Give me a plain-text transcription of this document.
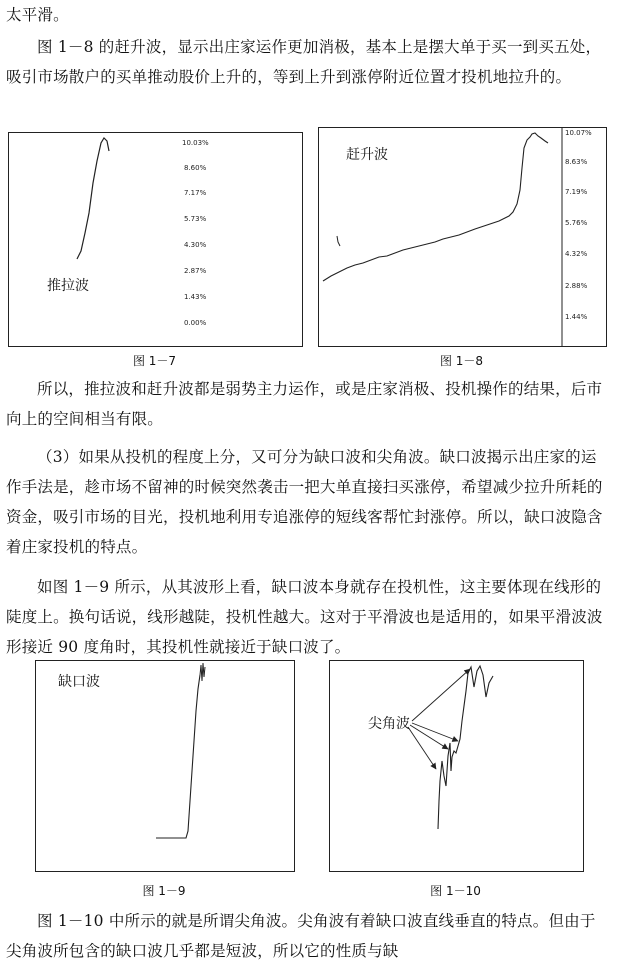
太平滑。

图 1－8 的赶升波，显示出庄家运作更加消极，基本上是摆大单于买一到买五处，吸引市场散户的买单推动股价上升的，等到上升到涨停附近位置才投机地拉升的。

推拉波
10.03%
8.60%
7.17%
5.73%
4.30%
2.87%
1.43%
0.00%
图 1－7
赶升波
10.07%
8.63%
7.19%
5.76%
4.32%
2.88%
1.44%
图 1－8

所以，推拉波和赶升波都是弱势主力运作，或是庄家消极、投机操作的结果，后市向上的空间相当有限。

（3）如果从投机的程度上分，又可分为缺口波和尖角波。缺口波揭示出庄家的运作手法是，趁市场不留神的时候突然袭击一把大单直接扫买涨停，希望减少拉升所耗的资金，吸引市场的目光，投机地利用专追涨停的短线客帮忙封涨停。所以，缺口波隐含着庄家投机的特点。

如图 1－9 所示，从其波形上看，缺口波本身就存在投机性，这主要体现在线形的陡度上。换句话说，线形越陡，投机性越大。这对于平滑波也是适用的，如果平滑波波形接近 90 度角时，其投机性就接近于缺口波了。

缺口波
图 1－9
尖角波
图 1－10

图 1－10 中所示的就是所谓尖角波。尖角波有着缺口波直线垂直的特点。但由于尖角波所包含的缺口波几乎都是短波，所以它的性质与缺
